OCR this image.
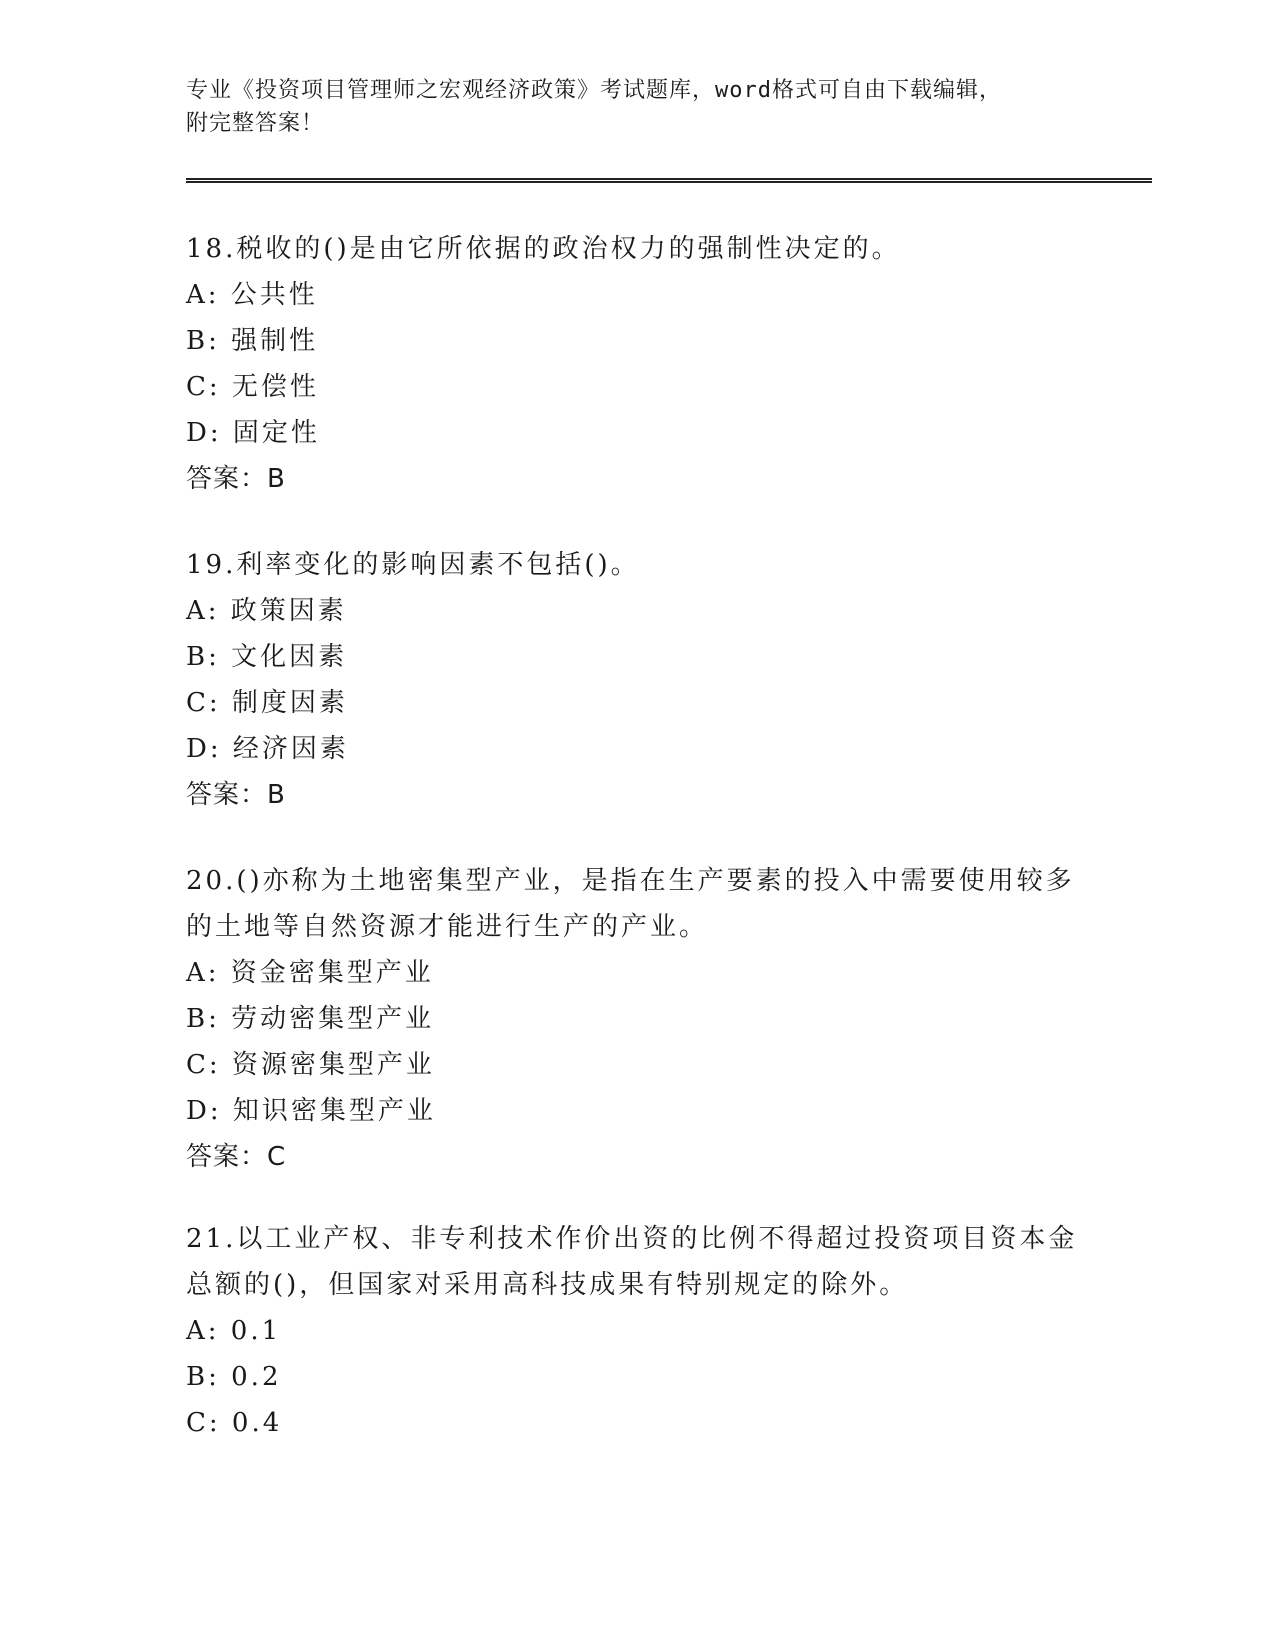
专业《投资项目管理师之宏观经济政策》考试题库，word格式可自由下载编辑，
附完整答案！

18.税收的()是由它所依据的政治权力的强制性决定的。

A: 公共性

B: 强制性

C: 无偿性

D: 固定性

答案：B

19.利率变化的影响因素不包括()。

A: 政策因素

B: 文化因素

C: 制度因素

D: 经济因素

答案：B

20.()亦称为土地密集型产业，是指在生产要素的投入中需要使用较多的土地等自然资源才能进行生产的产业。

A: 资金密集型产业

B: 劳动密集型产业

C: 资源密集型产业

D: 知识密集型产业

答案：C

21.以工业产权、非专利技术作价出资的比例不得超过投资项目资本金总额的()，但国家对采用高科技成果有特别规定的除外。

A: 0.1

B: 0.2

C: 0.4
